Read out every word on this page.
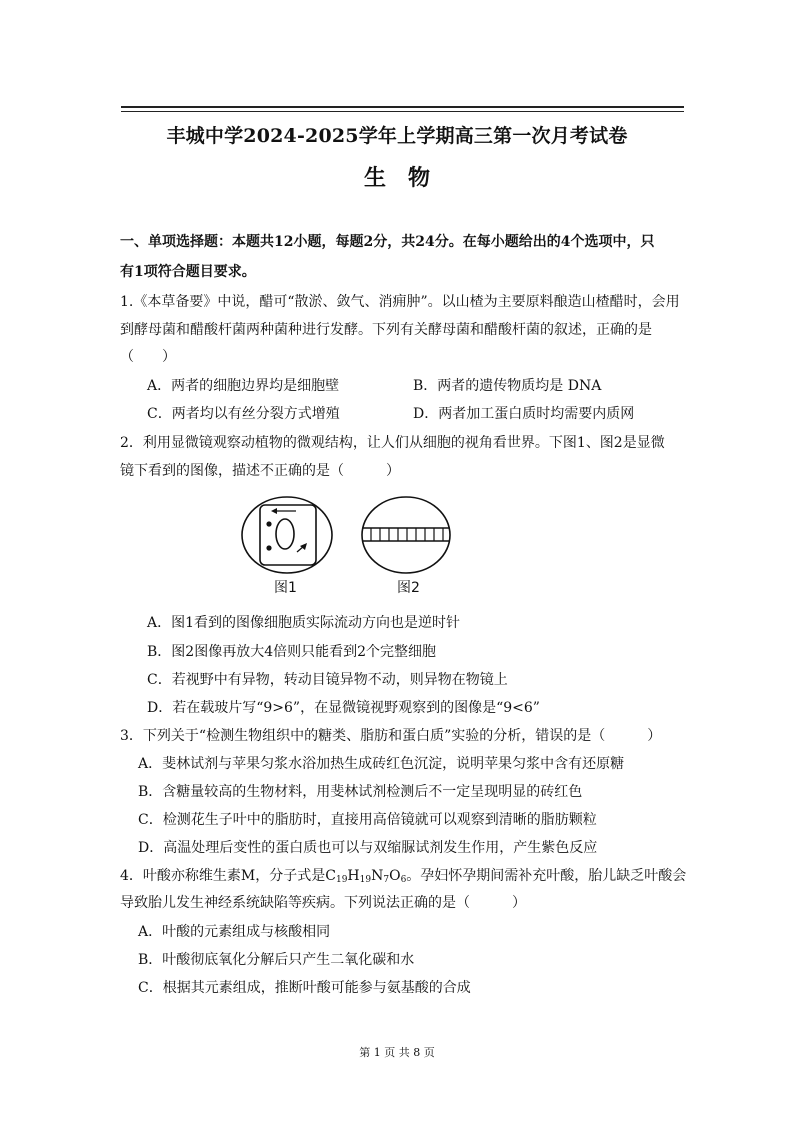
丰城中学2024-2025学年上学期高三第一次月考试卷
生物
一、单项选择题：本题共12小题，每题2分，共24分。在每小题给出的4个选项中，只
有1项符合题目要求。
1.《本草备要》中说，醋可“散淤、敛气、消痈肿”。以山楂为主要原料酿造山楂醋时，会用
到酵母菌和醋酸杆菌两种菌种进行发酵。下列有关酵母菌和醋酸杆菌的叙述，正确的是
（　　）
A．两者的细胞边界均是细胞壁	B．两者的遗传物质均是 DNA
C．两者均以有丝分裂方式增殖	D．两者加工蛋白质时均需要内质网
2．利用显微镜观察动植物的微观结构，让人们从细胞的视角看世界。下图1、图2是显微
镜下看到的图像，描述不正确的是（　　　）
图1	图2
A．图1看到的图像细胞质实际流动方向也是逆时针
B．图2图像再放大4倍则只能看到2个完整细胞
C．若视野中有异物，转动目镜异物不动，则异物在物镜上
D．若在载玻片写“9>6”，在显微镜视野观察到的图像是“9<6”
3．下列关于“检测生物组织中的糖类、脂肪和蛋白质”实验的分析，错误的是（　　　）
A．斐林试剂与苹果匀浆水浴加热生成砖红色沉淀，说明苹果匀浆中含有还原糖
B．含糖量较高的生物材料，用斐林试剂检测后不一定呈现明显的砖红色
C．检测花生子叶中的脂肪时，直接用高倍镜就可以观察到清晰的脂肪颗粒
D．高温处理后变性的蛋白质也可以与双缩脲试剂发生作用，产生紫色反应
4．叶酸亦称维生素M，分子式是$C_{19}H_{19}N_7O_6$。孕妇怀孕期间需补充叶酸，胎儿缺乏叶酸会
导致胎儿发生神经系统缺陷等疾病。下列说法正确的是（　　　）
A．叶酸的元素组成与核酸相同
B．叶酸彻底氧化分解后只产生二氧化碳和水
C．根据其元素组成，推断叶酸可能参与氨基酸的合成
第 1 页 共 8 页
